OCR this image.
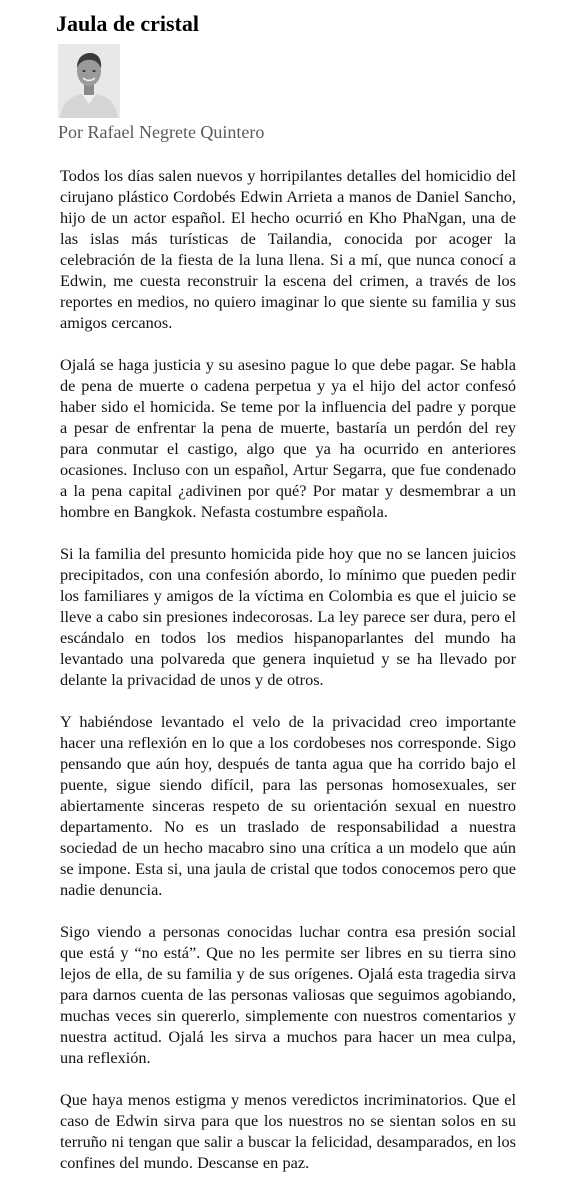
Jaula de cristal
Por Rafael Negrete Quintero

Todos los días salen nuevos y horripilantes detalles del homicidio del cirujano plástico Cordobés Edwin Arrieta a manos de Daniel Sancho, hijo de un actor español. El hecho ocurrió en Kho PhaNgan, una de las islas más turísticas de Tailandia, conocida por acoger la celebración de la fiesta de la luna llena. Si a mí, que nunca conocí a Edwin, me cuesta reconstruir la escena del crimen, a través de los reportes en medios, no quiero imaginar lo que siente su familia y sus amigos cercanos.

Ojalá se haga justicia y su asesino pague lo que debe pagar. Se habla de pena de muerte o cadena perpetua y ya el hijo del actor confesó haber sido el homicida. Se teme por la influencia del padre y porque a pesar de enfrentar la pena de muerte, bastaría un perdón del rey para conmutar el castigo, algo que ya ha ocurrido en anteriores ocasiones. Incluso con un español, Artur Segarra, que fue condenado a la pena capital ¿adivinen por qué? Por matar y desmembrar a un hombre en Bangkok. Nefasta costumbre española.

Si la familia del presunto homicida pide hoy que no se lancen juicios precipitados, con una confesión abordo, lo mínimo que pueden pedir los familiares y amigos de la víctima en Colombia es que el juicio se lleve a cabo sin presiones indecorosas. La ley parece ser dura, pero el escándalo en todos los medios hispanoparlantes del mundo ha levantado una polvareda que genera inquietud y se ha llevado por delante la privacidad de unos y de otros.

Y habiéndose levantado el velo de la privacidad creo importante hacer una reflexión en lo que a los cordobeses nos corresponde. Sigo pensando que aún hoy, después de tanta agua que ha corrido bajo el puente, sigue siendo difícil, para las personas homosexuales, ser abiertamente sinceras respeto de su orientación sexual en nuestro departamento. No es un traslado de responsabilidad a nuestra sociedad de un hecho macabro sino una crítica a un modelo que aún se impone. Esta si, una jaula de cristal que todos conocemos pero que nadie denuncia.

Sigo viendo a personas conocidas luchar contra esa presión social que está y “no está”. Que no les permite ser libres en su tierra sino lejos de ella, de su familia y de sus orígenes. Ojalá esta tragedia sirva para darnos cuenta de las personas valiosas que seguimos agobiando, muchas veces sin quererlo, simplemente con nuestros comentarios y nuestra actitud. Ojalá les sirva a muchos para hacer un mea culpa, una reflexión.

Que haya menos estigma y menos veredictos incriminatorios. Que el caso de Edwin sirva para que los nuestros no se sientan solos en su terruño ni tengan que salir a buscar la felicidad, desamparados, en los confines del mundo. Descanse en paz.
